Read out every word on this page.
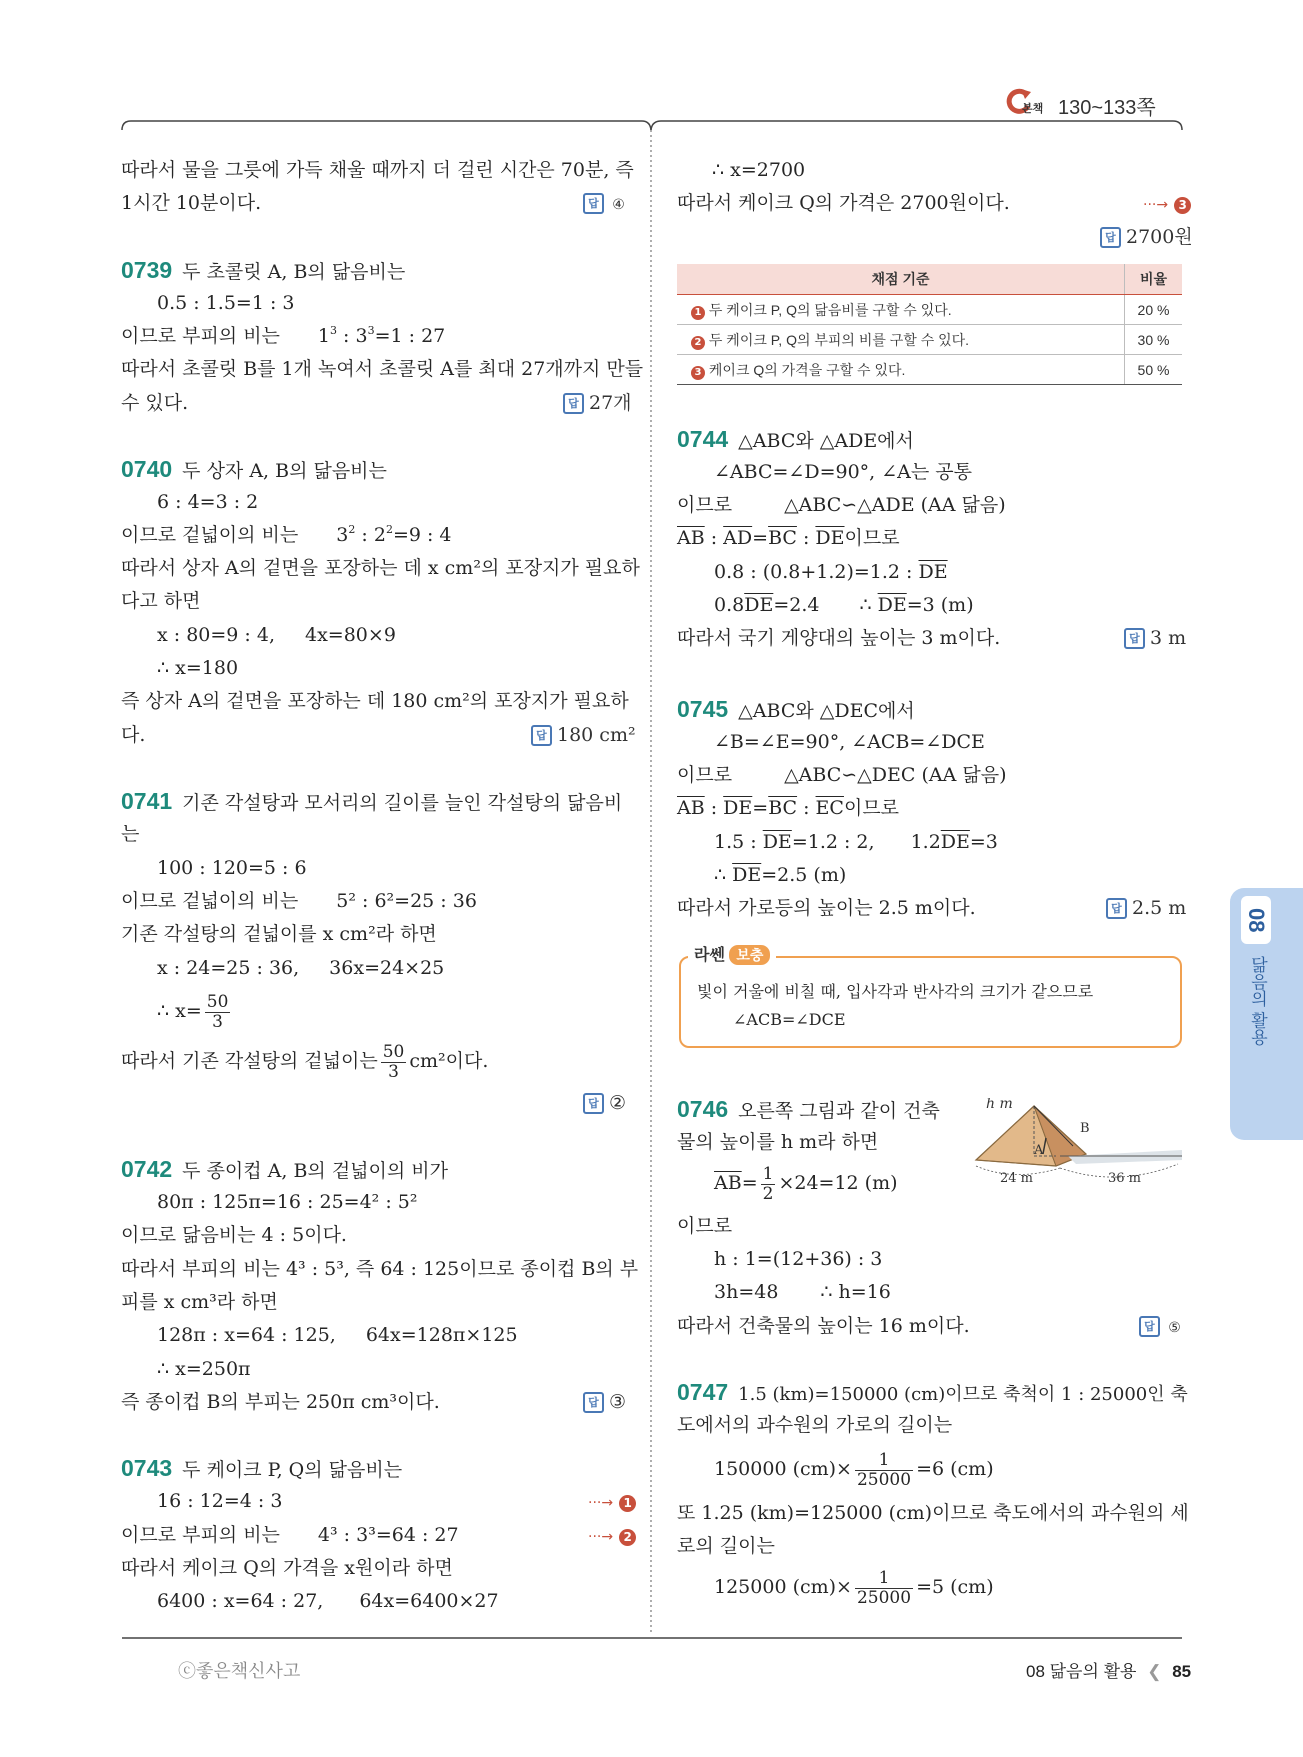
본책 130~133쪽
08
닮음의 활용
따라서 물을 그릇에 가득 채울 때까지 더 걸린 시간은 70분, 즉
1시간 10분이다.	답 ④
0739 두 초콜릿 A, B의 닮음비는
0.5 : 1.5=1 : 3
이므로 부피의 비는 $1^3$ : $3^3=1$ : 27
따라서 초콜릿 B를 1개 녹여서 초콜릿 A를 최대 27개까지 만들
수 있다.	답 27개
0740 두 상자 A, B의 닮음비는
6 : 4=3 : 2
이므로 겉넓이의 비는 $3^2$ : $2^2=9$ : 4
따라서 상자 A의 겉면을 포장하는 데 x cm²의 포장지가 필요하
다고 하면
x : 80=9 : 4, 4x=80×9
∴ x=180
즉 상자 A의 겉면을 포장하는 데 180 cm²의 포장지가 필요하
다.	답 180 cm²
0741 기존 각설탕과 모서리의 길이를 늘인 각설탕의 닮음비
는
100 : 120=5 : 6
이므로 겉넓이의 비는 5² : 6²=25 : 36
기존 각설탕의 겉넓이를 x cm²라 하면
x : 24=25 : 36, 36x=24×25
∴ $x= \frac{50}{3}$
따라서 기존 각설탕의 겉넓이는 $\frac{50}{3} cm^2$이다.
답 ②
0742 두 종이컵 A, B의 겉넓이의 비가
80π : 125π=16 : 25=4² : 5²
이므로 닮음비는 4 : 5이다.
따라서 부피의 비는 4³ : 5³, 즉 64 : 125이므로 종이컵 B의 부
피를 x cm³라 하면
128π : x=64 : 125, 64x=128π×125
∴ x=250π
즉 종이컵 B의 부피는 250π cm³이다.	답 ③
0743 두 케이크 P, Q의 닮음비는
16 : 12=4 : 3	···→ 1
이므로 부피의 비는 4³ : 3³=64 : 27	···→ 2
따라서 케이크 Q의 가격을 x원이라 하면
6400 : x=64 : 27, 64x=6400×27
∴ x=2700
따라서 케이크 Q의 가격은 2700원이다.	···→ 3
답 2700원
채점 기준	비율
1 두 케이크 P, Q의 닮음비를 구할 수 있다.	20 %
2 두 케이크 P, Q의 부피의 비를 구할 수 있다.	30 %
3 케이크 Q의 가격을 구할 수 있다.	50 %
0744 △ABC와 △ADE에서
∠ABC=∠D=90°, ∠A는 공통
이므로	△ABC∽△ADE (AA 닮음)
$\overline{AB}$ : $\overline{AD}=\overline{BC}$ : $\overline{DE}$이므로
0.8 : (0.8+1.2)=1.2 : $\overline{DE}$
$0.8\overline{DE}=2.4$ ∴ $\overline{DE}=3$ (m)
따라서 국기 게양대의 높이는 3 m이다.	답 3 m
0745 △ABC와 △DEC에서
∠B=∠E=90°, ∠ACB=∠DCE
이므로	△ABC∽△DEC (AA 닮음)
$\overline{AB}$ : $\overline{DE}=\overline{BC}$ : $\overline{EC}$이므로
1.5 : $\overline{DE}=1.2$ : 2, $1.2\overline{DE}=3$
∴ $\overline{DE}=2.5$ (m)
따라서 가로등의 높이는 2.5 m이다.	답 2.5 m
라쎈 보충
빛이 거울에 비칠 때, 입사각과 반사각의 크기가 같으므로
∠ACB=∠DCE
0746 오른쪽 그림과 같이 건축
물의 높이를 h m라 하면
$\overline{AB}= \frac{1}{2} \times 24=12$ (m)
이므로
h : 1=(12+36) : 3
3h=48 ∴ h=16
따라서 건축물의 높이는 16 m이다.	답 ⑤
h m
A
B
24 m	36 m
0747 1.5 (km)=150000 (cm)이므로 축척이 1 : 25000인 축
도에서의 과수원의 가로의 길이는
150000 $(cm)\times \frac{1}{25000} =6$ (cm)
또 1.25 (km)=125000 (cm)이므로 축도에서의 과수원의 세
로의 길이는
125000 $(cm)\times \frac{1}{25000} =5$ (cm)
ⓒ좋은책신사고	08 닮음의 활용 ❮ 85
